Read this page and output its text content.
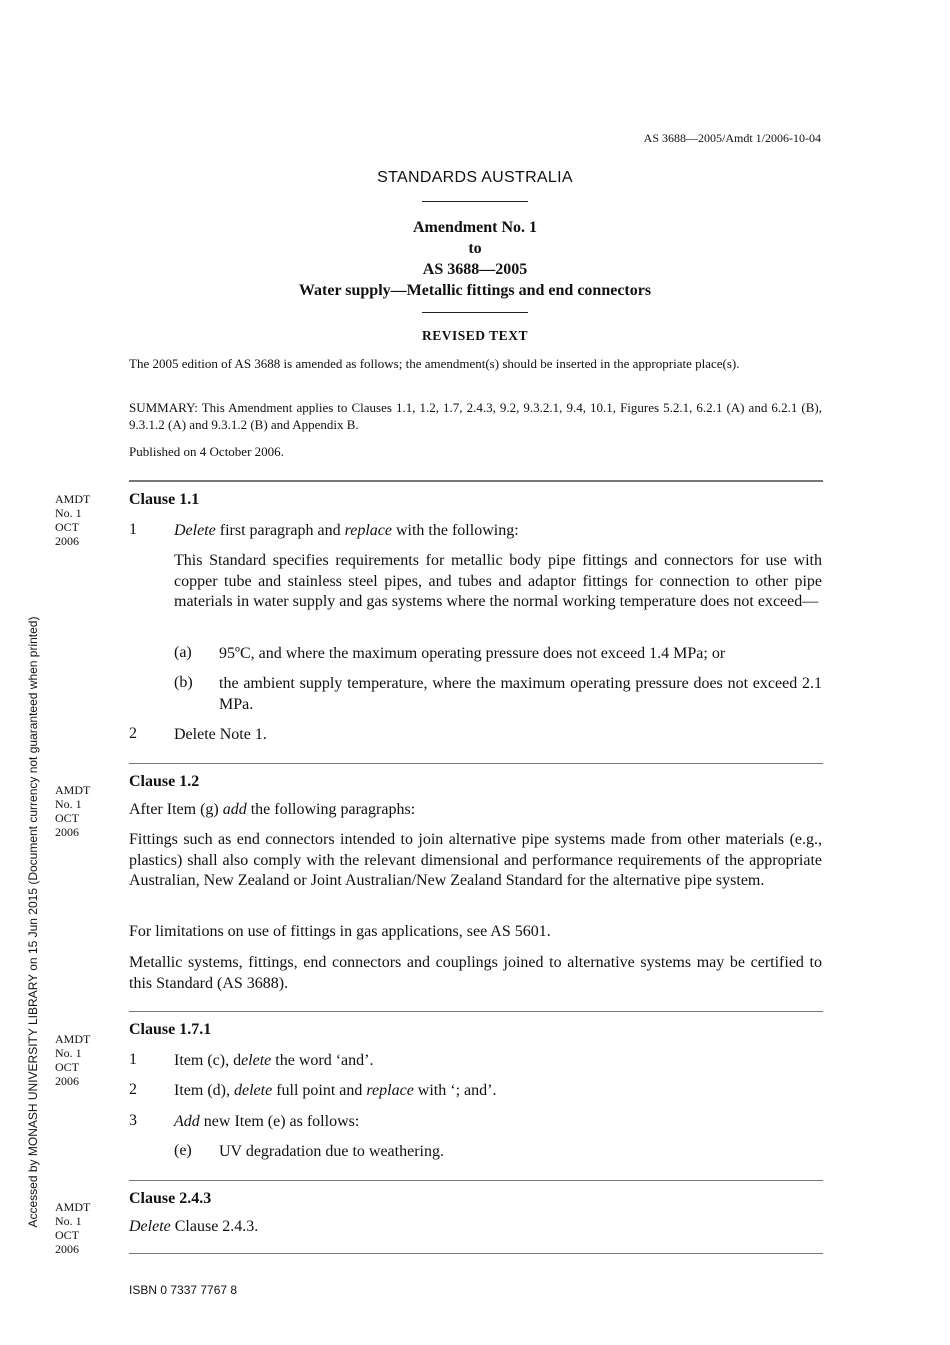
AS 3688—2005/Amdt 1/2006-10-04
STANDARDS AUSTRALIA
Amendment No. 1
to
AS 3688—2005
Water supply—Metallic fittings and end connectors
REVISED TEXT
The 2005 edition of AS 3688 is amended as follows; the amendment(s) should be inserted in the appropriate place(s).
SUMMARY: This Amendment applies to Clauses 1.1, 1.2, 1.7, 2.4.3, 9.2, 9.3.2.1, 9.4, 10.1, Figures 5.2.1, 6.2.1 (A) and 6.2.1 (B), 9.3.1.2 (A) and 9.3.1.2 (B) and Appendix B.
Published on 4 October 2006.
AMDT
No. 1
OCT
2006
Clause 1.1
1 Delete first paragraph and replace with the following:
This Standard specifies requirements for metallic body pipe fittings and connectors for use with copper tube and stainless steel pipes, and tubes and adaptor fittings for connection to other pipe materials in water supply and gas systems where the normal working temperature does not exceed—
(a) 95ºC, and where the maximum operating pressure does not exceed 1.4 MPa; or
(b) the ambient supply temperature, where the maximum operating pressure does not exceed 2.1 MPa.
2 Delete Note 1.
AMDT
No. 1
OCT
2006
Clause 1.2
After Item (g) add the following paragraphs:
Fittings such as end connectors intended to join alternative pipe systems made from other materials (e.g., plastics) shall also comply with the relevant dimensional and performance requirements of the appropriate Australian, New Zealand or Joint Australian/New Zealand Standard for the alternative pipe system.
For limitations on use of fittings in gas applications, see AS 5601.
Metallic systems, fittings, end connectors and couplings joined to alternative systems may be certified to this Standard (AS 3688).
AMDT
No. 1
OCT
2006
Clause 1.7.1
1 Item (c), delete the word ‘and’.
2 Item (d), delete full point and replace with ‘; and’.
3 Add new Item (e) as follows:
(e) UV degradation due to weathering.
AMDT
No. 1
OCT
2006
Clause 2.4.3
Delete Clause 2.4.3.
Accessed by MONASH UNIVERSITY LIBRARY on 15 Jun 2015 (Document currency not guaranteed when printed)
ISBN 0 7337 7767 8
